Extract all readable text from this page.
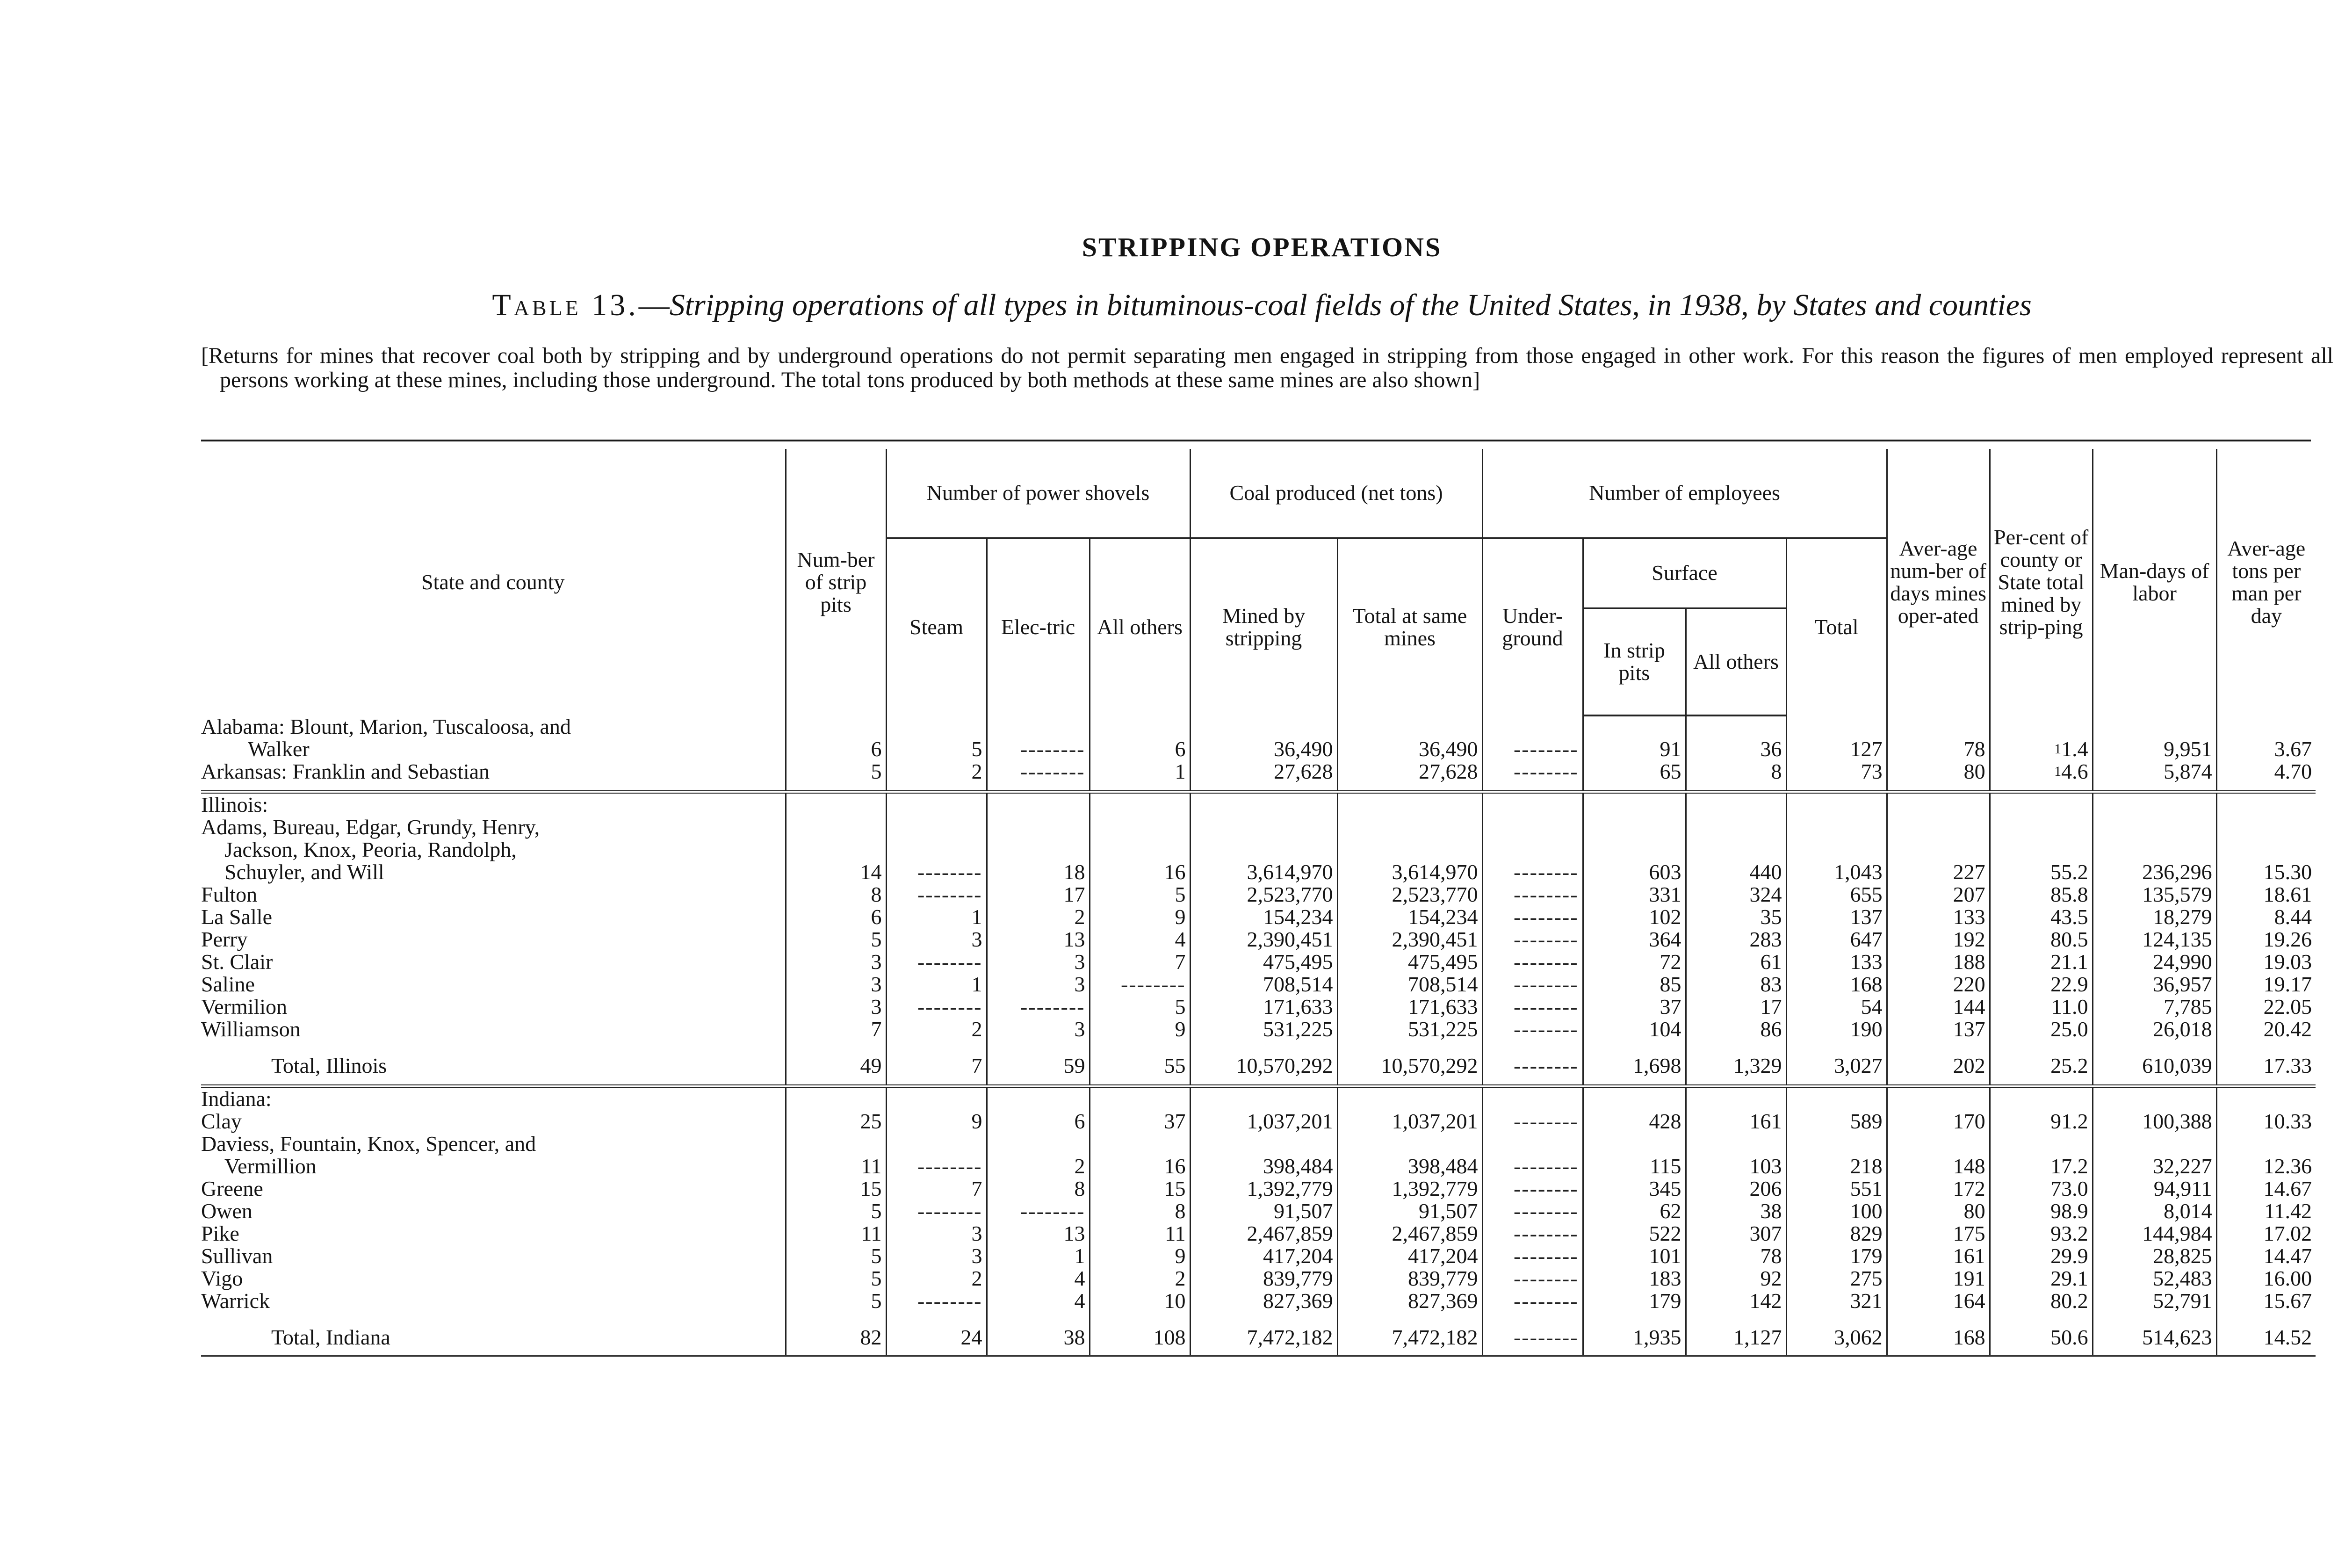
STRIPPING OPERATIONS
Table 13.—Stripping operations of all types in bituminous-coal fields of the United States, in 1938, by States and counties
[Returns for mines that recover coal both by stripping and by underground operations do not permit separating men engaged in stripping from those engaged in other work. For this reason the figures of men employed represent all persons working at these mines, including those underground. The total tons produced by both methods at these same mines are also shown]
State and county	Num-ber of strip pits	Number of power shovels			Coal produced (net tons)		Number of employees				Aver-age num-ber of days mines oper-ated	Per-cent of county or State total mined by strip-ping	Man-days of labor	Aver-age tons per man per day
		Steam	Elec-tric	All others	Mined by stripping	Total at same mines	Under-ground	Surface		Total				
								In strip pits	All others					

Alabama: Blount, Marion, Tuscaloosa, and
Walker	6	5	--------	6	36,490	36,490	--------	91	36	127	78	$^1$1.4	9,951	3.67

Arkansas: Franklin and Sebastian	5	2	--------	1	27,628	27,628	--------	65	8	73	80	$^1$4.6	5,874	4.70

Illinois:														

Adams, Bureau, Edgar, Grundy, Henry,
Jackson, Knox, Peoria, Randolph,
Schuyler, and Will	14	--------	18	16	3,614,970	3,614,970	--------	603	440	1,043	227	55.2	236,296	15.30

Fulton	8	--------	17	5	2,523,770	2,523,770	--------	331	324	655	207	85.8	135,579	18.61

La Salle	6	1	2	9	154,234	154,234	--------	102	35	137	133	43.5	18,279	8.44

Perry	5	3	13	4	2,390,451	2,390,451	--------	364	283	647	192	80.5	124,135	19.26

St. Clair	3	--------	3	7	475,495	475,495	--------	72	61	133	188	21.1	24,990	19.03

Saline	3	1	3	--------	708,514	708,514	--------	85	83	168	220	22.9	36,957	19.17

Vermilion	3	--------	--------	5	171,633	171,633	--------	37	17	54	144	11.0	7,785	22.05

Williamson	7	2	3	9	531,225	531,225	--------	104	86	190	137	25.0	26,018	20.42

Total, Illinois	49	7	59	55	10,570,292	10,570,292	--------	1,698	1,329	3,027	202	25.2	610,039	17.33

Indiana:														

Clay	25	9	6	37	1,037,201	1,037,201	--------	428	161	589	170	91.2	100,388	10.33

Daviess, Fountain, Knox, Spencer, and
Vermillion	11	--------	2	16	398,484	398,484	--------	115	103	218	148	17.2	32,227	12.36

Greene	15	7	8	15	1,392,779	1,392,779	--------	345	206	551	172	73.0	94,911	14.67

Owen	5	--------	--------	8	91,507	91,507	--------	62	38	100	80	98.9	8,014	11.42

Pike	11	3	13	11	2,467,859	2,467,859	--------	522	307	829	175	93.2	144,984	17.02

Sullivan	5	3	1	9	417,204	417,204	--------	101	78	179	161	29.9	28,825	14.47

Vigo	5	2	4	2	839,779	839,779	--------	183	92	275	191	29.1	52,483	16.00

Warrick	5	--------	4	10	827,369	827,369	--------	179	142	321	164	80.2	52,791	15.67

Total, Indiana	82	24	38	108	7,472,182	7,472,182	--------	1,935	1,127	3,062	168	50.6	514,623	14.52
